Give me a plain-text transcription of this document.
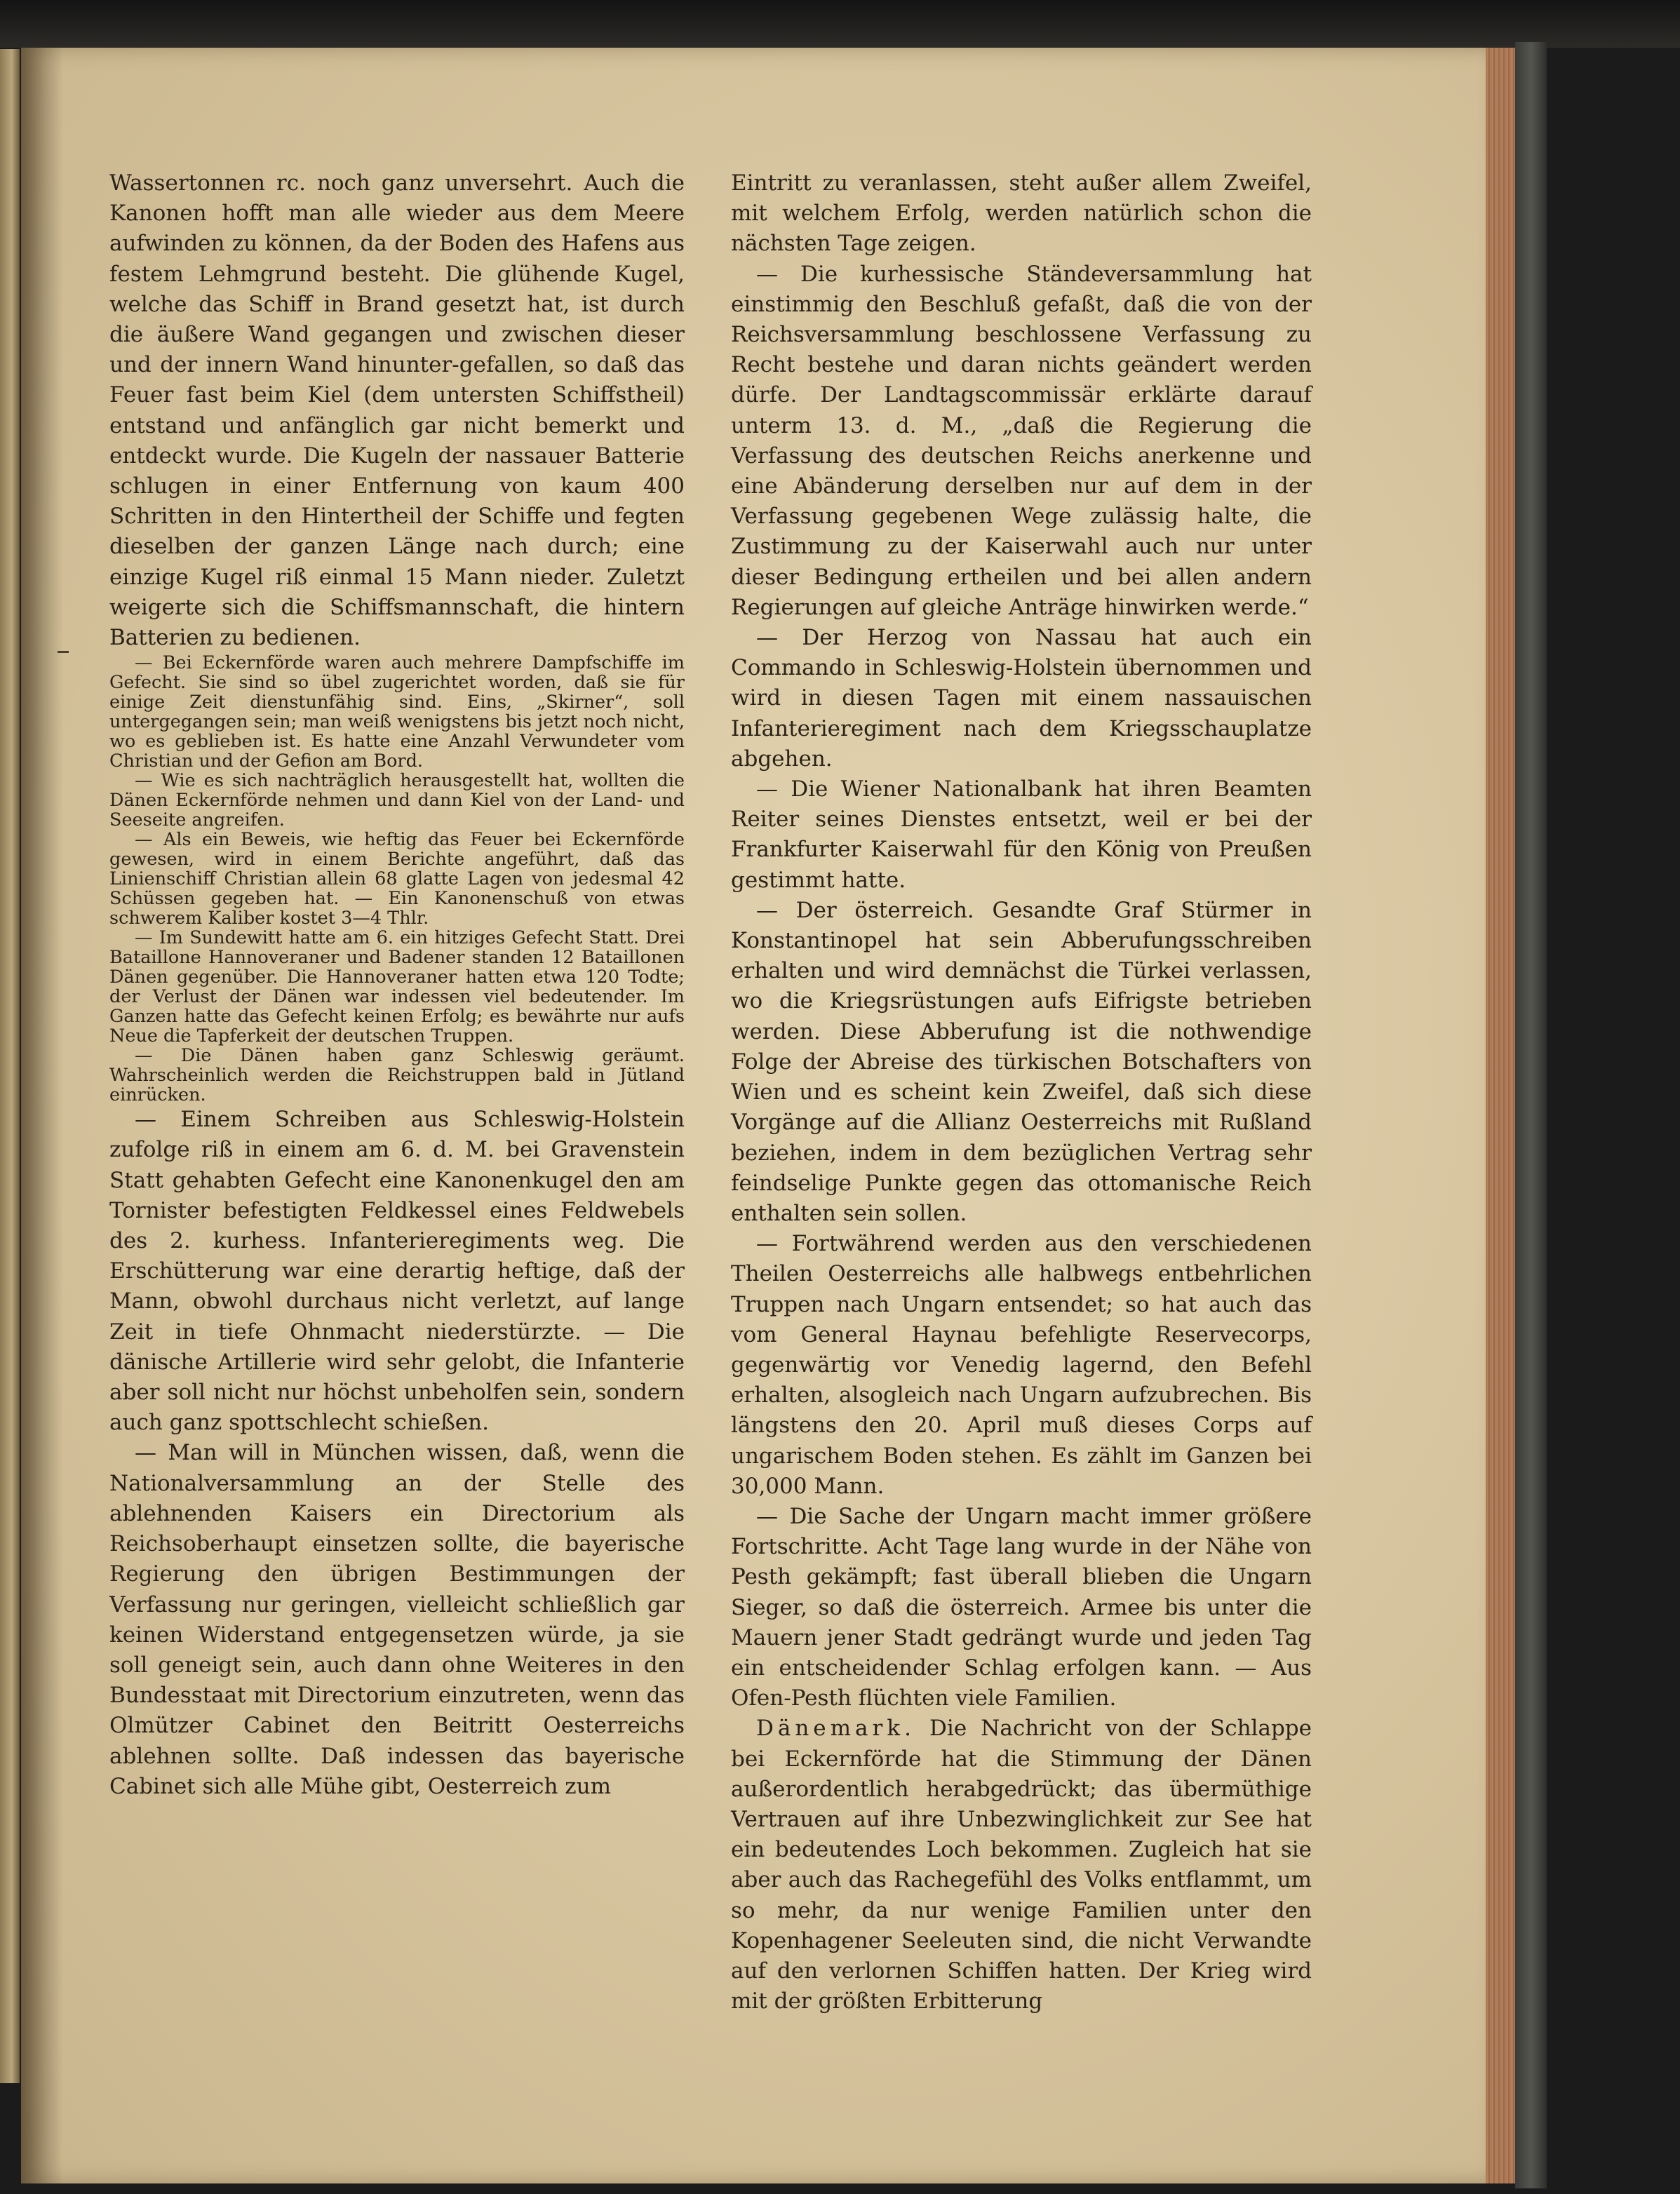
Wassertonnen rc. noch ganz unversehrt. Auch die Kanonen hofft man alle wieder aus dem Meere aufwinden zu können, da der Boden des Hafens aus festem Lehmgrund besteht. Die glühende Kugel, welche das Schiff in Brand gesetzt hat, ist durch die äußere Wand gegangen und zwischen dieser und der innern Wand hinunter-gefallen, so daß das Feuer fast beim Kiel (dem untersten Schiffstheil) entstand und anfänglich gar nicht bemerkt und entdeckt wurde. Die Kugeln der nassauer Batterie schlugen in einer Entfernung von kaum 400 Schritten in den Hintertheil der Schiffe und fegten dieselben der ganzen Länge nach durch; eine einzige Kugel riß einmal 15 Mann nieder. Zuletzt weigerte sich die Schiffsmannschaft, die hintern Batterien zu bedienen.

— Bei Eckernförde waren auch mehrere Dampfschiffe im Gefecht. Sie sind so übel zugerichtet worden, daß sie für einige Zeit dienstunfähig sind. Eins, „Skirner“, soll untergegangen sein; man weiß wenigstens bis jetzt noch nicht, wo es geblieben ist. Es hatte eine Anzahl Verwundeter vom Christian und der Gefion am Bord.

— Wie es sich nachträglich herausgestellt hat, wollten die Dänen Eckernförde nehmen und dann Kiel von der Land- und Seeseite angreifen.

— Als ein Beweis, wie heftig das Feuer bei Eckernförde gewesen, wird in einem Berichte angeführt, daß das Linienschiff Christian allein 68 glatte Lagen von jedesmal 42 Schüssen gegeben hat. — Ein Kanonenschuß von etwas schwerem Kaliber kostet 3—4 Thlr.

— Im Sundewitt hatte am 6. ein hitziges Gefecht Statt. Drei Bataillone Hannoveraner und Badener standen 12 Bataillonen Dänen gegenüber. Die Hannoveraner hatten etwa 120 Todte; der Verlust der Dänen war indessen viel bedeutender. Im Ganzen hatte das Gefecht keinen Erfolg; es bewährte nur aufs Neue die Tapferkeit der deutschen Truppen.

— Die Dänen haben ganz Schleswig geräumt. Wahrscheinlich werden die Reichstruppen bald in Jütland einrücken.

— Einem Schreiben aus Schleswig-Holstein zufolge riß in einem am 6. d. M. bei Gravenstein Statt gehabten Gefecht eine Kanonenkugel den am Tornister befestigten Feldkessel eines Feldwebels des 2. kurhess. Infanterieregiments weg. Die Erschütterung war eine derartig heftige, daß der Mann, obwohl durchaus nicht verletzt, auf lange Zeit in tiefe Ohnmacht niederstürzte. — Die dänische Artillerie wird sehr gelobt, die Infanterie aber soll nicht nur höchst unbeholfen sein, sondern auch ganz spottschlecht schießen.

— Man will in München wissen, daß, wenn die Nationalversammlung an der Stelle des ablehnenden Kaisers ein Directorium als Reichsoberhaupt einsetzen sollte, die bayerische Regierung den übrigen Bestimmungen der Verfassung nur geringen, vielleicht schließlich gar keinen Widerstand entgegensetzen würde, ja sie soll geneigt sein, auch dann ohne Weiteres in den Bundesstaat mit Directorium einzutreten, wenn das Olmützer Cabinet den Beitritt Oesterreichs ablehnen sollte. Daß indessen das bayerische Cabinet sich alle Mühe gibt, Oesterreich zum

Eintritt zu veranlassen, steht außer allem Zweifel, mit welchem Erfolg, werden natürlich schon die nächsten Tage zeigen.

— Die kurhessische Ständeversammlung hat einstimmig den Beschluß gefaßt, daß die von der Reichsversammlung beschlossene Verfassung zu Recht bestehe und daran nichts geändert werden dürfe. Der Landtagscommissär erklärte darauf unterm 13. d. M., „daß die Regierung die Verfassung des deutschen Reichs anerkenne und eine Abänderung derselben nur auf dem in der Verfassung gegebenen Wege zulässig halte, die Zustimmung zu der Kaiserwahl auch nur unter dieser Bedingung ertheilen und bei allen andern Regierungen auf gleiche Anträge hinwirken werde.“

— Der Herzog von Nassau hat auch ein Commando in Schleswig-Holstein übernommen und wird in diesen Tagen mit einem nassauischen Infanterieregiment nach dem Kriegsschauplatze abgehen.

— Die Wiener Nationalbank hat ihren Beamten Reiter seines Dienstes entsetzt, weil er bei der Frankfurter Kaiserwahl für den König von Preußen gestimmt hatte.

— Der österreich. Gesandte Graf Stürmer in Konstantinopel hat sein Abberufungsschreiben erhalten und wird demnächst die Türkei verlassen, wo die Kriegsrüstungen aufs Eifrigste betrieben werden. Diese Abberufung ist die nothwendige Folge der Abreise des türkischen Botschafters von Wien und es scheint kein Zweifel, daß sich diese Vorgänge auf die Allianz Oesterreichs mit Rußland beziehen, indem in dem bezüglichen Vertrag sehr feindselige Punkte gegen das ottomanische Reich enthalten sein sollen.

— Fortwährend werden aus den verschiedenen Theilen Oesterreichs alle halbwegs entbehrlichen Truppen nach Ungarn entsendet; so hat auch das vom General Haynau befehligte Reservecorps, gegenwärtig vor Venedig lagernd, den Befehl erhalten, alsogleich nach Ungarn aufzubrechen. Bis längstens den 20. April muß dieses Corps auf ungarischem Boden stehen. Es zählt im Ganzen bei 30,000 Mann.

— Die Sache der Ungarn macht immer größere Fortschritte. Acht Tage lang wurde in der Nähe von Pesth gekämpft; fast überall blieben die Ungarn Sieger, so daß die österreich. Armee bis unter die Mauern jener Stadt gedrängt wurde und jeden Tag ein entscheidender Schlag erfolgen kann. — Aus Ofen-Pesth flüchten viele Familien.

Dänemark. Die Nachricht von der Schlappe bei Eckernförde hat die Stimmung der Dänen außerordentlich herabgedrückt; das übermüthige Vertrauen auf ihre Unbezwinglichkeit zur See hat ein bedeutendes Loch bekommen. Zugleich hat sie aber auch das Rachegefühl des Volks entflammt, um so mehr, da nur wenige Familien unter den Kopenhagener Seeleuten sind, die nicht Verwandte auf den verlornen Schiffen hatten. Der Krieg wird mit der größten Erbitterung
